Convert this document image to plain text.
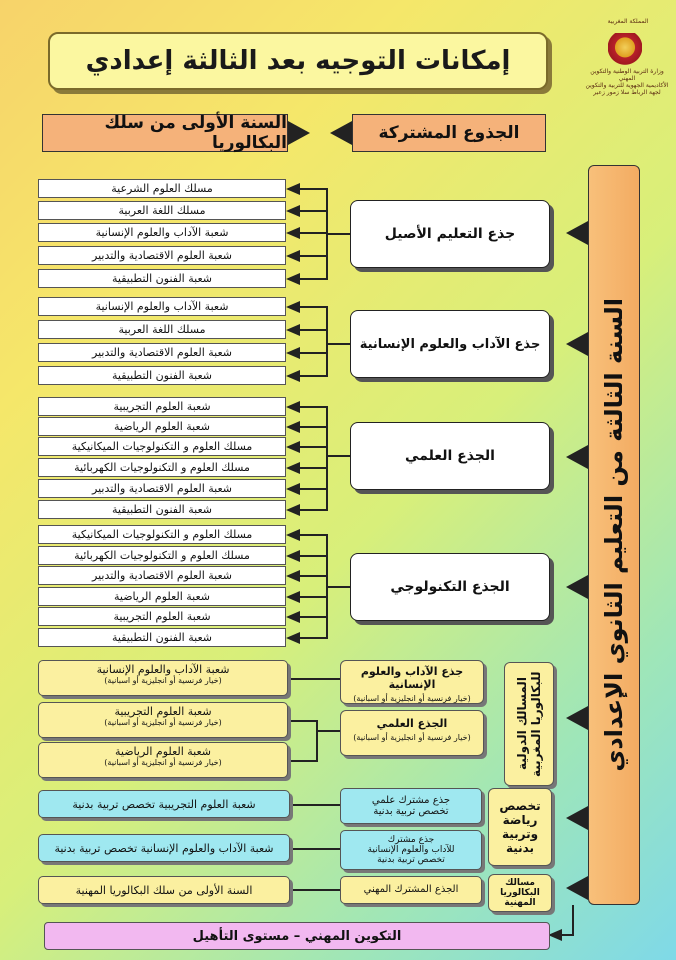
إمكانات التوجيه بعد الثالثة إعدادي
المملكة المغربية
وزارة التربية الوطنية والتكوين المهني
الأكاديمية الجهوية للتربية والتكوين
لجهة الرباط سلا زمور زعير
الجذوع المشتركة
السنة الأولى من سلك البكالوريا
السنة الثالثة من التعليم الثانوي الإعدادي
جذع التعليم الأصيل
مسلك العلوم الشرعية
مسلك اللغة العربية
شعبة الآداب والعلوم الإنسانية
شعبة العلوم الاقتصادية والتدبير
شعبة الفنون التطبيقية
جذع الآداب والعلوم الإنسانية
شعبة الآداب والعلوم الإنسانية
مسلك اللغة العربية
شعبة العلوم الاقتصادية والتدبير
شعبة الفنون التطبيقية
الجذع العلمي
شعبة العلوم التجريبية
شعبة العلوم الرياضية
مسلك العلوم و التكنولوجيات الميكانيكية
مسلك العلوم و التكنولوجيات الكهربائية
شعبة العلوم الاقتصادية والتدبير
شعبة الفنون التطبيقية
الجذع التكنولوجي
مسلك العلوم و التكنولوجيات الميكانيكية
مسلك العلوم و التكنولوجيات الكهربائية
شعبة العلوم الاقتصادية والتدبير
شعبة العلوم الرياضية
شعبة العلوم التجريبية
شعبة الفنون التطبيقية
المسالك الدولية للبكالوريا المغربية
جذع الآداب والعلوم الإنسانية
(خيار فرنسية أو انجليزية أو اسبانية)
الجذع العلمي
(خيار فرنسية أو انجليزية أو اسبانية)
شعبة الآداب والعلوم الإنسانية
(خيار فرنسية أو انجليزية أو اسبانية)
شعبة العلوم التجريبية
(خيار فرنسية أو انجليزية أو اسبانية)
شعبة العلوم الرياضية
(خيار فرنسية أو انجليزية أو اسبانية)
تخصص رياضة وتربية بدنية
جذع مشترك علمي
تخصص تربية بدنية
جذع مشترك
للآداب والعلوم الإنسانية
تخصص تربية بدنية
شعبة العلوم التجريبية تخصص تربية بدنية
شعبة الآداب والعلوم الإنسانية تخصص تربية بدنية
مسالك البكالوريا المهنية
الجذع المشترك المهني
السنة الأولى من سلك البكالوريا المهنية
التكوين المهني – مستوى التأهيل
